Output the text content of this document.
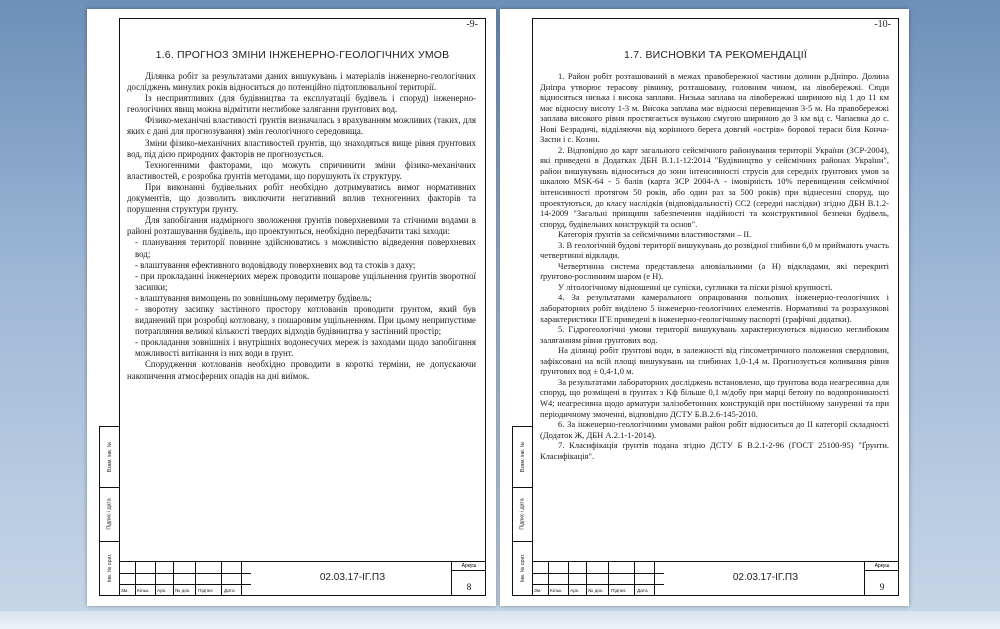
-9-
1.6. ПРОГНОЗ ЗМІНИ ІНЖЕНЕРНО-ГЕОЛОГІЧНИХ УМОВ

Ділянка робіт за результатами даних вишукувань і матеріалів інженерно-геологічних досліджень минулих років відноситься до потенційно підтоплювальної території.

Із несприятливих (для будівництва та експлуатації будівель і споруд) інженерно-геологічних явищ можна відмітити неглибоке залягання ґрунтових вод.

Фізико-механічні властивості ґрунтів визначалась з врахуванням можливих (таких, для яких є дані для прогнозування) змін геологічного середовища.

Зміни фізико-механічних властивостей ґрунтів, що знаходяться вище рівня ґрунтових вод, під дією природних факторів не прогнозується.

Техногенними факторами, що можуть спричинити зміни фізико-механічних властивостей, є розробка ґрунтів методами, що порушують їх структуру.

При виконанні будівельних робіт необхідно дотримуватись вимог нормативних документів, що дозволить виключити негативний вплив техногенних факторів та порушення структури ґрунту.

Для запобігання надмірного зволоження ґрунтів поверхневими та стічними водами в районі розташування будівель, що проектуються, необхідно передбачити такі заходи:

- планування території повинне здійснюватись з можливістю відведення поверхневих вод;

- влаштування ефективного водовідводу поверхневих вод та стоків з даху;

- при прокладанні інженерних мереж проводити пошарове ущільнення ґрунтів зворотної засипки;

- влаштування вимощень по зовнішньому периметру будівель;

- зворотну засипку застінного простору котлованів проводити ґрунтом, який був виданений при розробці котловану, з пошаровим ущільненням. При цьому неприпустиме потрапляння великої кількості твердих відходів будівництва у застінний простір;

- прокладання зовнішніх і внутрішніх водонесучих мереж із заходами щодо запобігання можливості витікання із них води в ґрунт.

Спорудження котлованів необхідно проводити в короткі терміни, не допускаючи накопичення атмосферних опадів на дні виїмок.

Взам. інв. №
Підпис і дата
Інв. № ориг.
Зм. Кільк. Арк. № док. Підпис Дата
02.03.17-ІГ.ПЗ
Аркуш
8
-10-
1.7. ВИСНОВКИ ТА РЕКОМЕНДАЦІЇ

1. Район робіт розташований в межах правобережної частини долини р.Дніпро. Долина Дніпра утворює терасову рівнину, розташовану, головним чином, на лівобережжі. Сюди відносяться низька і висока заплави. Низька заплава на лівобережжі шириною від 1 до 11 км має відносну висоту 1-3 м. Висока заплава має відносні перевищення 3-5 м. На правобережжі заплава високого рівня простягається вузькою смугою шириною до 3 км від с. Чапаєвка до с. Нові Безрадичі, відділяючи від корінного берега довгий «острів» борової тераси біля Конча-Заспи і с. Козин.

2. Відповідно до карт загального сейсмічного районування території України (ЗСР-2004), які приведені в Додатках ДБН В.1.1-12:2014 "Будівництво у сейсмічних районах України", район вишукувань відноситься до зони інтенсивності струсів для середніх ґрунтових умов за шкалою MSK-64 - 5 балів (карта ЗСР 2004-А - імовірність 10% перевищення сейсмічної інтенсивності протягом 50 років, або один раз за 500 років) при віднесенні споруд, що проектуються, до класу наслідків (відповідальності) СС2 (середні наслідки) згідно ДБН В.1.2-14-2009 "Загальні принципи забезпечення надійності та конструктивної безпеки будівель, споруд, будівельних конструкцій та основ".

Категорія ґрунтів за сейсмічними властивостями – ІІ.

3. В геологічній будові території вишукувань до розвідної глибини 6,0 м приймають участь четвертинні відклади.

Четвертинна система представлена алювіальними (a H) відкладами, які перекриті ґрунтово-рослинним шаром (e H).

У літологічному відношенні це супіски, суглинки та піски різної крупності.

4. За результатами камерального опрацювання польових інженерно-геологічних і лабораторних робіт виділено 5 інженерно-геологічних елементів. Нормативні та розрахункові характеристики ІГЕ приведені в інженерно-геологічному паспорті (графічні додатки).

5. Гідрогеологічні умови території вишукувань характеризуються відносно неглибоким заляганням рівня ґрунтових вод.

На ділянці робіт ґрунтові води, в залежності від гіпсометричного положення свердловин, зафіксовані на всій площі вишукувань на глибинах 1,0-1,4 м. Прогнозується коливання рівня ґрунтових вод ± 0,4-1,0 м.

За результатами лабораторних досліджень встановлено, що ґрунтова вода неагресивна для споруд, що розміщені в ґрунтах з Kф більше 0,1 м/добу при марці бетону по водопроникності W4; неагресивна щодо арматури залізобетонних конструкцій при постійному зануренні та при періодичному змоченні, відповідно ДСТУ Б.В.2.6-145-2010.

6. За інженерно-геологічними умовами район робіт відноситься до II категорії складності (Додаток Ж, ДБН А.2.1-1-2014).

7. Класифікація ґрунтів подана згідно ДСТУ Б В.2.1-2-96 (ГОСТ 25100-95) "Ґрунти. Класифікація".

Взам. інв. №
Підпис і дата
Інв. № ориг.
Зм. Кільк. Арк. № док. Підпис Дата
02.03.17-ІГ.ПЗ
Аркуш
9
